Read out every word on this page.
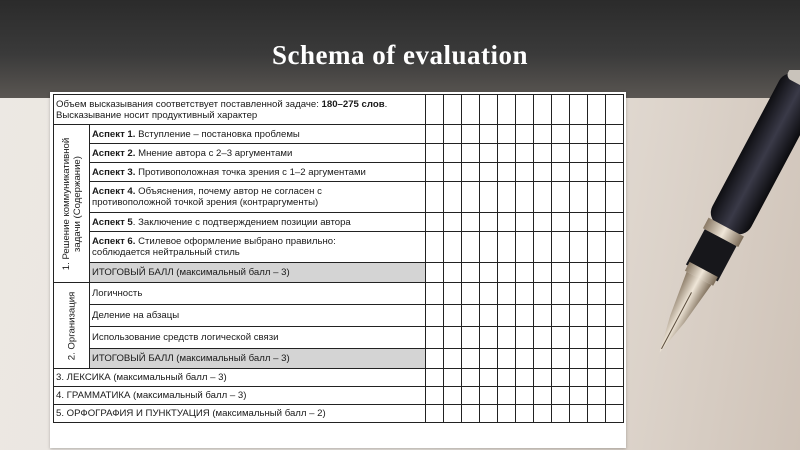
Schema of evaluation
Объем высказывания соответствует поставленной задаче: 180–275 слов.
Высказывание носит продуктивный характер												

1. Решение коммуникативной
задачи (Содержание)	Аспект 1. Вступление – постановка проблемы											
	Аспект 2. Мнение автора с 2–3 аргументами											
	Аспект 3. Противоположная точка зрения с 1–2 аргументами											
	Аспект 4. Объяснения, почему автор не согласен с
противоположной точкой зрения (контраргументы)											
	Аспект 5. Заключение с подтверждением позиции автора											
	Аспект 6. Стилевое оформление выбрано правильно:
соблюдается нейтральный стиль											
	ИТОГОВЫЙ БАЛЛ (максимальный балл – 3)											

2. Организация	Логичность											
	Деление на абзацы											
	Использование средств логической связи											
	ИТОГОВЫЙ БАЛЛ (максимальный балл – 3)											
3. ЛЕКСИКА (максимальный балл – 3)												
4. ГРАММАТИКА (максимальный балл – 3)												
5. ОРФОГРАФИЯ И ПУНКТУАЦИЯ (максимальный балл – 2)												
